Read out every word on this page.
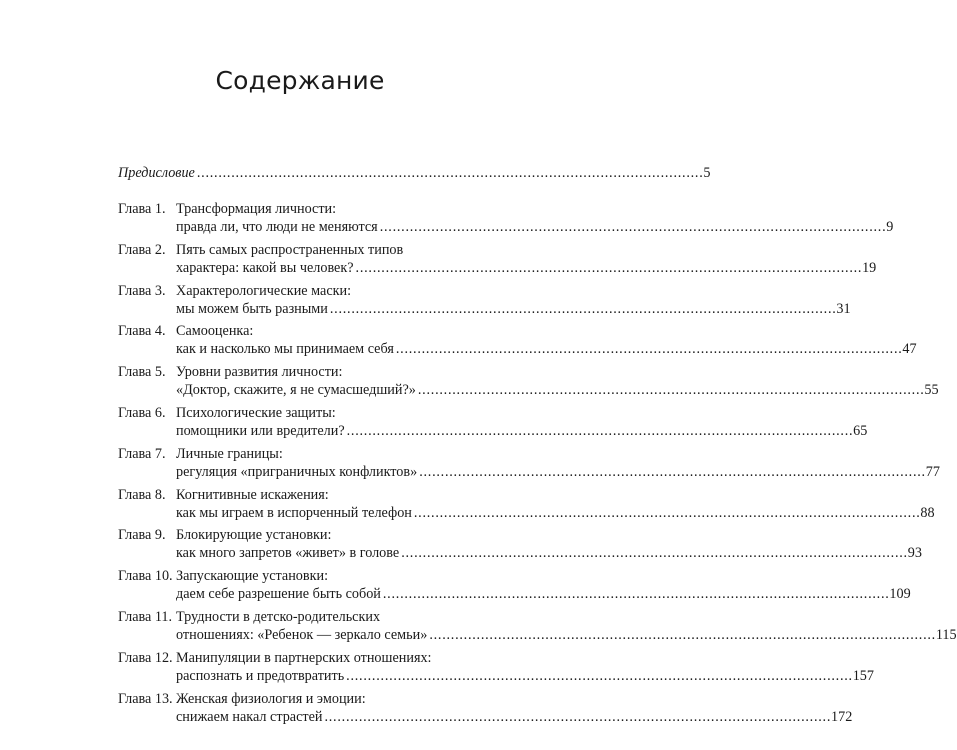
Содержание
Предисловие . . .	5
Глава 1. Трансформация личности:
правда ли, что люди не меняются . . .	9
Глава 2. Пять самых распространенных типов
характера: какой вы человек? . . .	19
Глава 3. Характерологические маски:
мы можем быть разными . . .	31
Глава 4. Самооценка:
как и насколько мы принимаем себя . . .	47
Глава 5. Уровни развития личности:
«Доктор, скажите, я не сумасшедший?» . . .	55
Глава 6. Психологические защиты:
помощники или вредители? . . .	65
Глава 7. Личные границы:
регуляция «приграничных конфликтов» . . .	77
Глава 8. Когнитивные искажения:
как мы играем в испорченный телефон . . .	88
Глава 9. Блокирующие установки:
как много запретов «живет» в голове . . .	93
Глава 10. Запускающие установки:
даем себе разрешение быть собой . . .	109
Глава 11. Трудности в детско-родительских
отношениях: «Ребенок — зеркало семьи» . . .	115
Глава 12. Манипуляции в партнерских отношениях:
распознать и предотвратить . . .	157
Глава 13. Женская физиология и эмоции:
снижаем накал страстей . . .	172
